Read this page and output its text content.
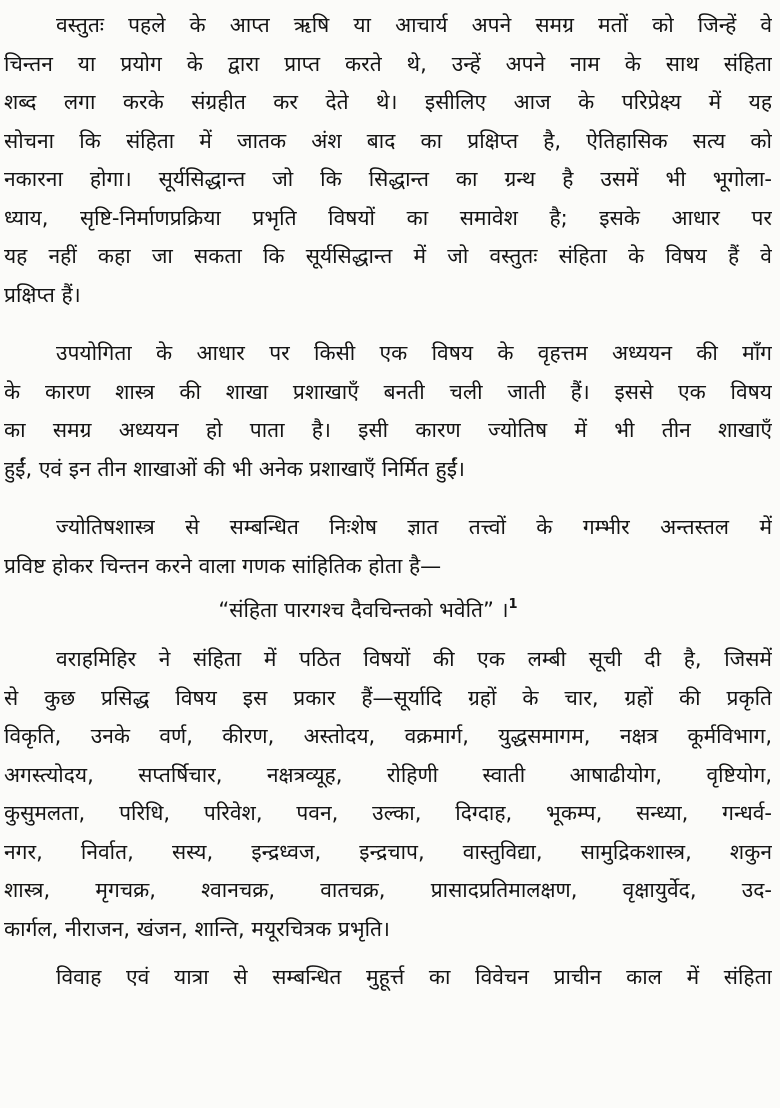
वस्तुतः पहले के आप्त ऋषि या आचार्य अपने समग्र मतों को जिन्हें वे
चिन्तन या प्रयोग के द्वारा प्राप्त करते थे, उन्हें अपने नाम के साथ संहिता
शब्द लगा करके संग्रहीत कर देते थे। इसीलिए आज के परिप्रेक्ष्य में यह
सोचना कि संहिता में जातक अंश बाद का प्रक्षिप्त है, ऐतिहासिक सत्य को
नकारना होगा। सूर्यसिद्धान्त जो कि सिद्धान्त का ग्रन्थ है उसमें भी भूगोला-
ध्याय, सृष्टि-निर्माणप्रक्रिया प्रभृति विषयों का समावेश है; इसके आधार पर
यह नहीं कहा जा सकता कि सूर्यसिद्धान्त में जो वस्तुतः संहिता के विषय हैं वे
प्रक्षिप्त हैं।

उपयोगिता के आधार पर किसी एक विषय के वृहत्तम अध्ययन की माँग
के कारण शास्त्र की शाखा प्रशाखाएँ बनती चली जाती हैं। इससे एक विषय
का समग्र अध्ययन हो पाता है। इसी कारण ज्योतिष में भी तीन शाखाएँ
हुईं, एवं इन तीन शाखाओं की भी अनेक प्रशाखाएँ निर्मित हुईं।

ज्योतिषशास्त्र से सम्बन्धित निःशेष ज्ञात तत्त्वों के गम्भीर अन्तस्तल में
प्रविष्ट होकर चिन्तन करने वाला गणक सांहितिक होता है—

“संहिता पारगश्च दैवचिन्तको भवेति” ।$^1$

वराहमिहिर ने संहिता में पठित विषयों की एक लम्बी सूची दी है, जिसमें
से कुछ प्रसिद्ध विषय इस प्रकार हैं—सूर्यादि ग्रहों के चार, ग्रहों की प्रकृति
विकृति, उनके वर्ण, कीरण, अस्तोदय, वक्रमार्ग, युद्धसमागम, नक्षत्र कूर्मविभाग,
अगस्त्योदय, सप्तर्षिचार, नक्षत्रव्यूह, रोहिणी स्वाती आषाढीयोग, वृष्टियोग,
कुसुमलता, परिधि, परिवेश, पवन, उल्का, दिग्दाह, भूकम्प, सन्ध्या, गन्धर्व-
नगर, निर्वात, सस्य, इन्द्रध्वज, इन्द्रचाप, वास्तुविद्या, सामुद्रिकशास्त्र, शकुन
शास्त्र, मृगचक्र, श्वानचक्र, वातचक्र, प्रासादप्रतिमालक्षण, वृक्षायुर्वेद, उद-
कार्गल, नीराजन, खंजन, शान्ति, मयूरचित्रक प्रभृति।

विवाह एवं यात्रा से सम्बन्धित मुहूर्त्त का विवेचन प्राचीन काल में संहिता
